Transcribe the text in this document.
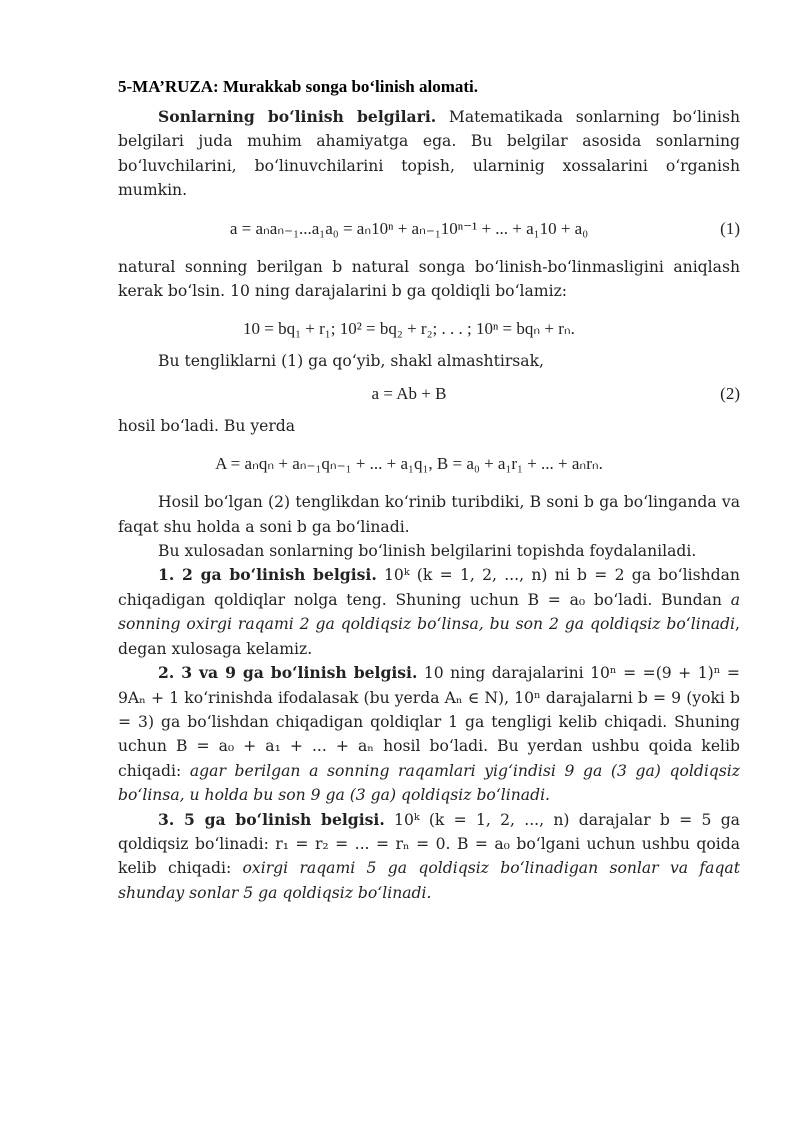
5-MA’RUZA: Murakkab songa bo‘linish alomati.

Sonlarning bo‘linish belgilari. Matematikada sonlarning bo‘linish belgilari juda muhim ahamiyatga ega. Bu belgilar asosida sonlarning bo‘luvchilarini, bo‘linuvchilarini topish, ularninig xossalarini o‘rganish mumkin.

a = aₙaₙ₋₁...a₁a₀ = aₙ10ⁿ + aₙ₋₁10ⁿ⁻¹ + ... + a₁10 + a₀	(1)

natural sonning berilgan b natural songa bo‘linish-bo‘linmasligini aniqlash kerak bo‘lsin. 10 ning darajalarini b ga qoldiqli bo‘lamiz:

10 = bq₁ + r₁; 10² = bq₂ + r₂; . . . ; 10ⁿ = bqₙ + rₙ.

Bu tengliklarni (1) ga qo‘yib, shakl almashtirsak,

a = Ab + B	(2)

hosil bo‘ladi. Bu yerda

A = aₙqₙ + aₙ₋₁qₙ₋₁ + ... + a₁q₁, B = a₀ + a₁r₁ + ... + aₙrₙ.

Hosil bo‘lgan (2) tenglikdan ko‘rinib turibdiki, B soni b ga bo‘linganda va faqat shu holda a soni b ga bo‘linadi.

Bu xulosadan sonlarning bo‘linish belgilarini topishda foydalaniladi.

1. 2 ga bo‘linish belgisi. 10ᵏ (k = 1, 2, ..., n) ni b = 2 ga bo‘lishdan chiqadigan qoldiqlar nolga teng. Shuning uchun B = a₀ bo‘ladi. Bundan a sonning oxirgi raqami 2 ga qoldiqsiz bo‘linsa, bu son 2 ga qoldiqsiz bo‘linadi, degan xulosaga kelamiz.

2. 3 va 9 ga bo‘linish belgisi. 10 ning darajalarini 10ⁿ = =(9 + 1)ⁿ = 9Aₙ + 1 ko‘rinishda ifodalasak (bu yerda Aₙ ∈ N), 10ⁿ darajalarni b = 9 (yoki b = 3) ga bo‘lishdan chiqadigan qoldiqlar 1 ga tengligi kelib chiqadi. Shuning uchun B = a₀ + a₁ + ... + aₙ hosil bo‘ladi. Bu yerdan ushbu qoida kelib chiqadi: agar berilgan a sonning raqamlari yig‘indisi 9 ga (3 ga) qoldiqsiz bo‘linsa, u holda bu son 9 ga (3 ga) qoldiqsiz bo‘linadi.

3. 5 ga bo‘linish belgisi. 10ᵏ (k = 1, 2, ..., n) darajalar b = 5 ga qoldiqsiz bo‘linadi: r₁ = r₂ = ... = rₙ = 0. B = a₀ bo‘lgani uchun ushbu qoida kelib chiqadi: oxirgi raqami 5 ga qoldiqsiz bo‘linadigan sonlar va faqat shunday sonlar 5 ga qoldiqsiz bo‘linadi.
